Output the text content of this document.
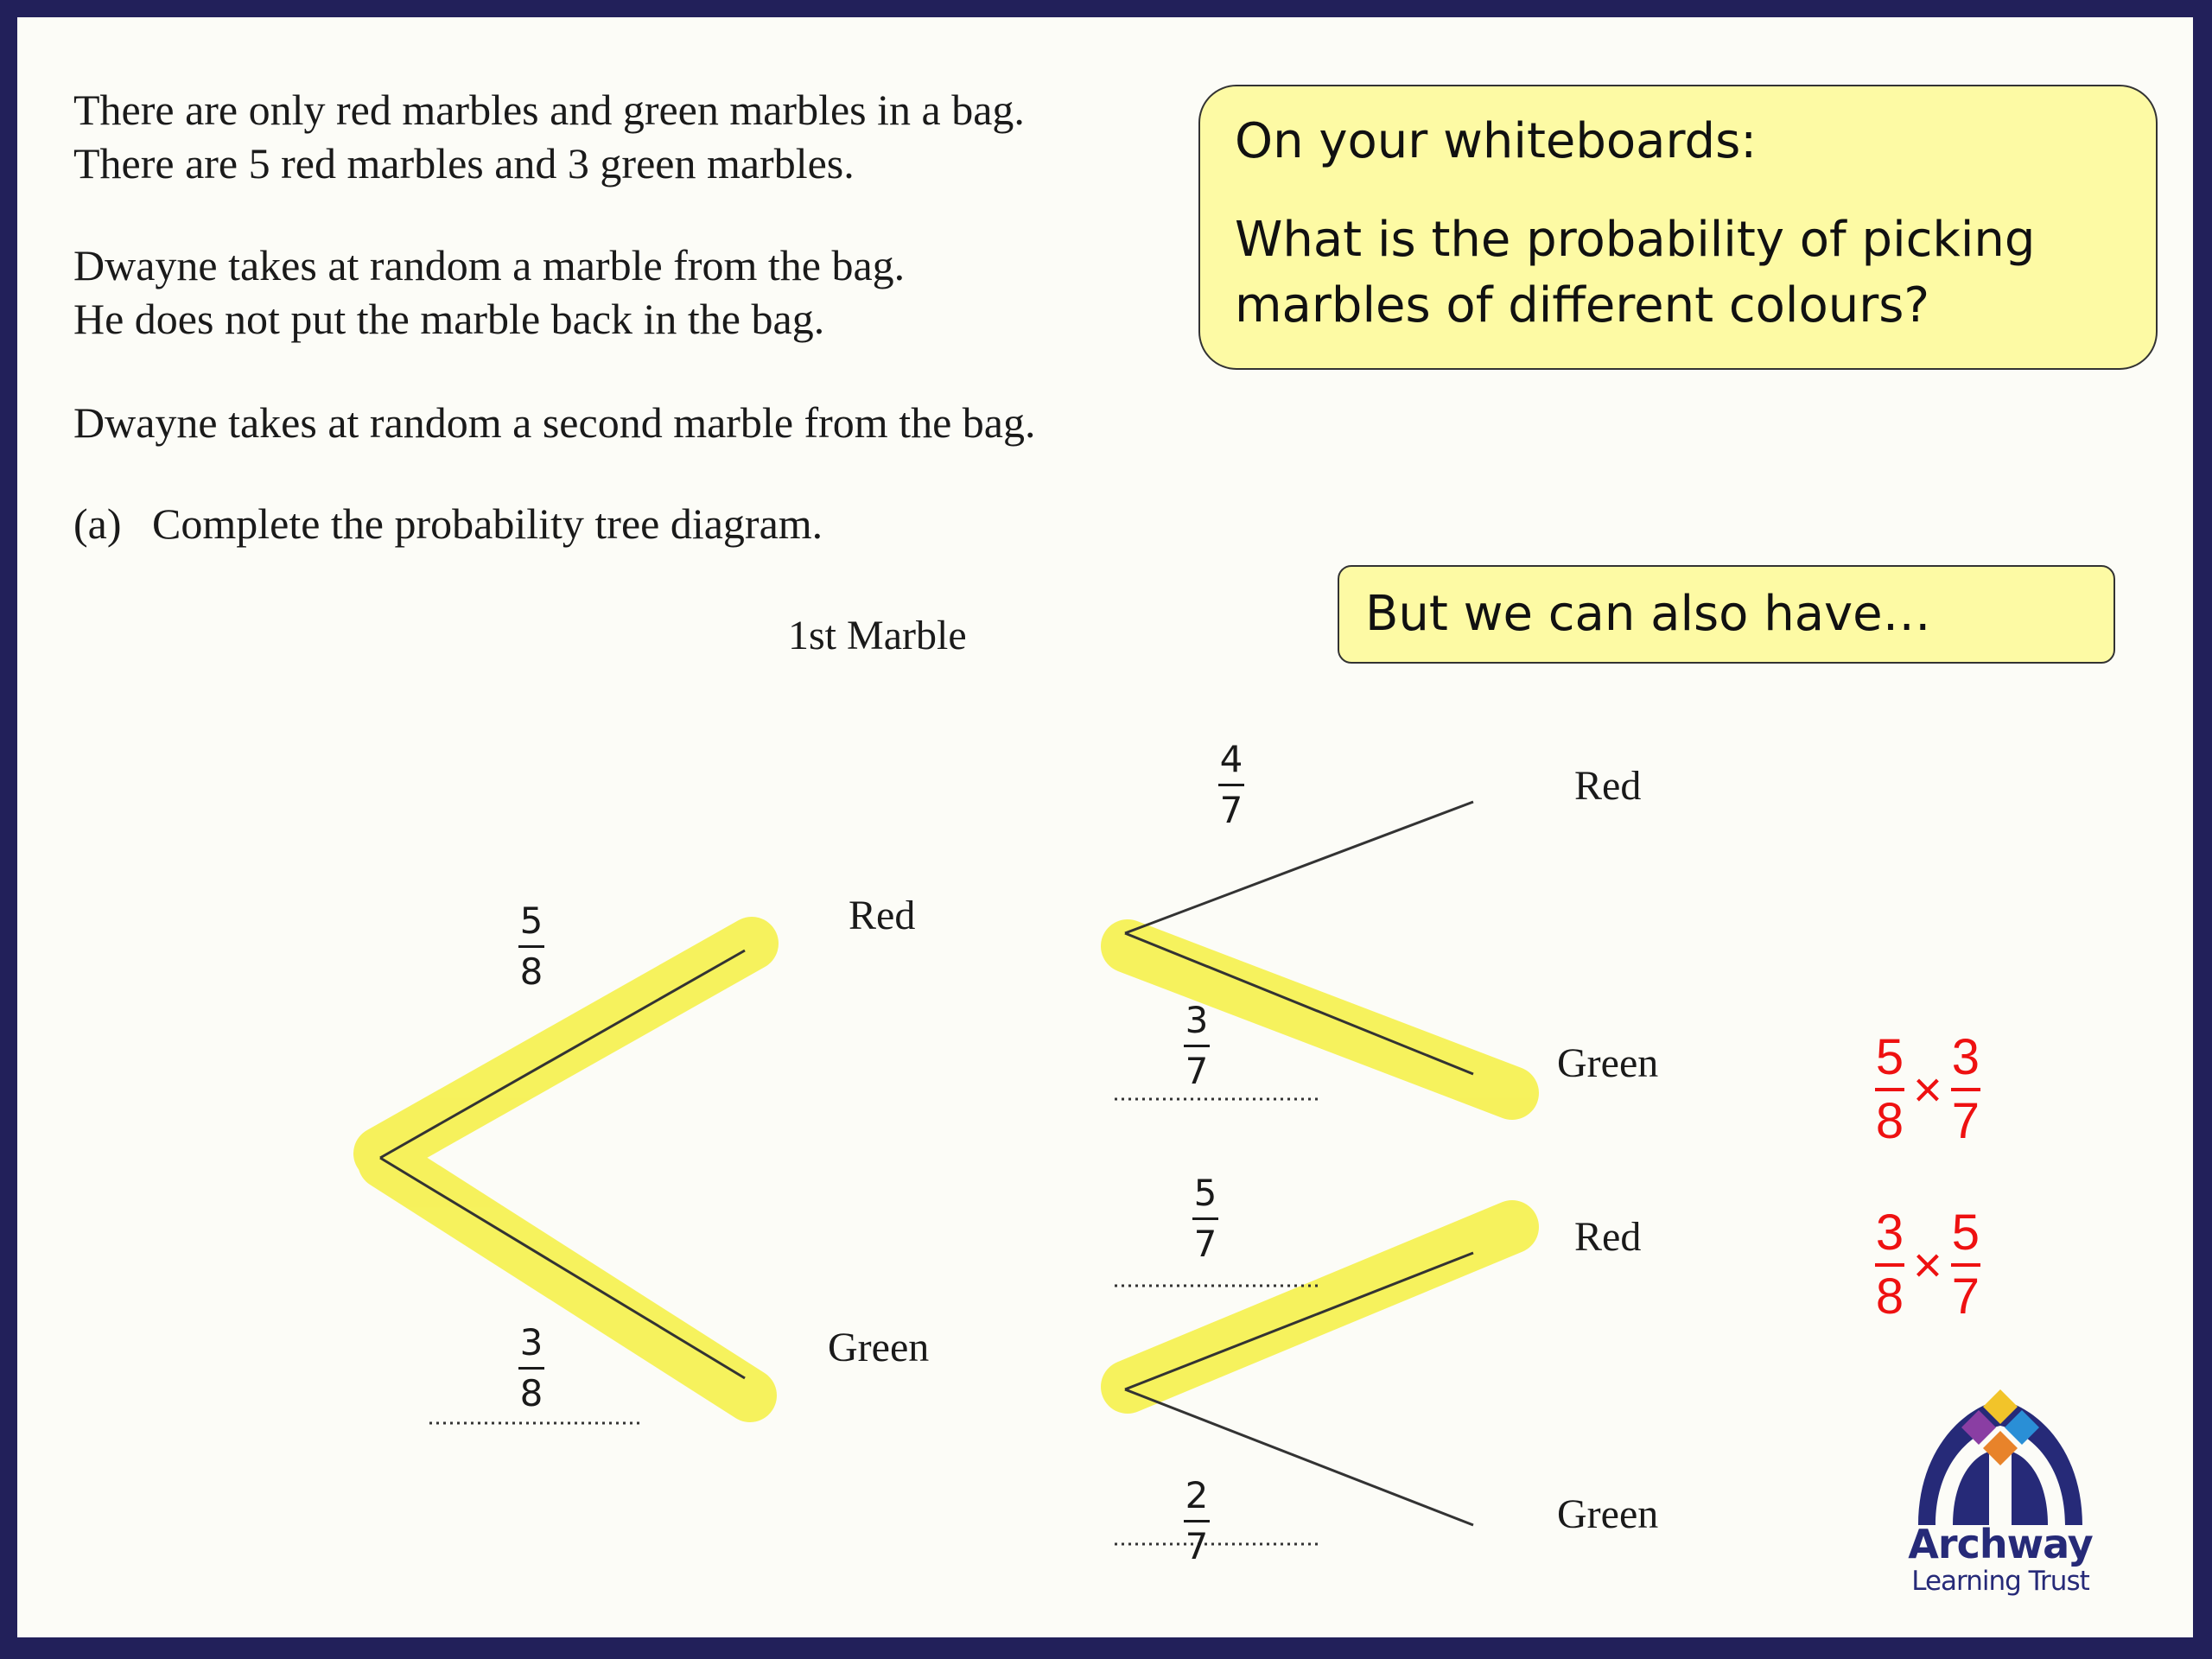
There are only red marbles and green marbles in a bag.
There are 5 red marbles and 3 green marbles.
Dwayne takes at random a marble from the bag.
He does not put the marble back in the bag.
Dwayne takes at random a second marble from the bag.
(a) Complete the probability tree diagram.
On your whiteboards:
What is the probability of picking
marbles of different colours?
But we can also have…
1st Marble
Red
Green
Red
Green
Red
Green
5
8
3
8
4
7
3
7
5
7
2
7
5
8
×
3
7
3
8
×
5
7
Archway
Learning Trust
